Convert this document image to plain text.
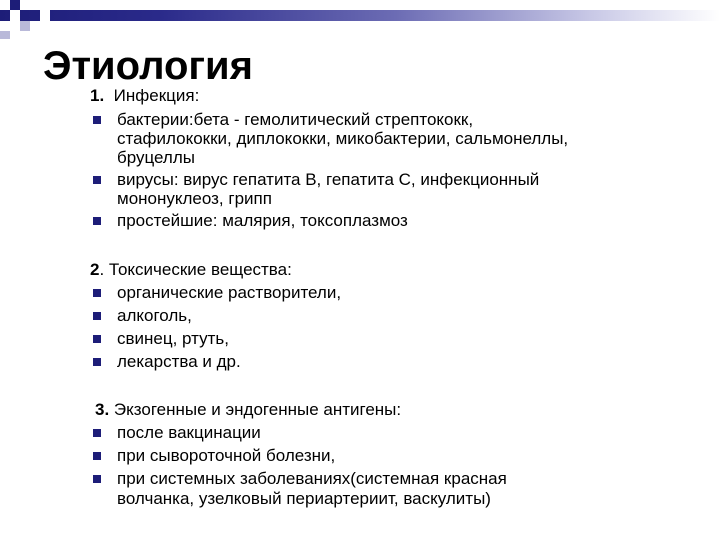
Этиология
1. Инфекция:
бактерии:бета - гемолитический стрептококк,
стафилококки, диплококки, микобактерии, сальмонеллы,
бруцеллы
вирусы: вирус гепатита В, гепатита С, инфекционный
мононуклеоз, грипп
простейшие: малярия, токсоплазмоз
2. Токсические вещества:
органические растворители,
алкоголь,
свинец, ртуть,
лекарства и др.
3. Экзогенные и эндогенные антигены:
после вакцинации
при сывороточной болезни,
при системных заболеваниях(системная красная
волчанка, узелковый периартериит, васкулиты)
